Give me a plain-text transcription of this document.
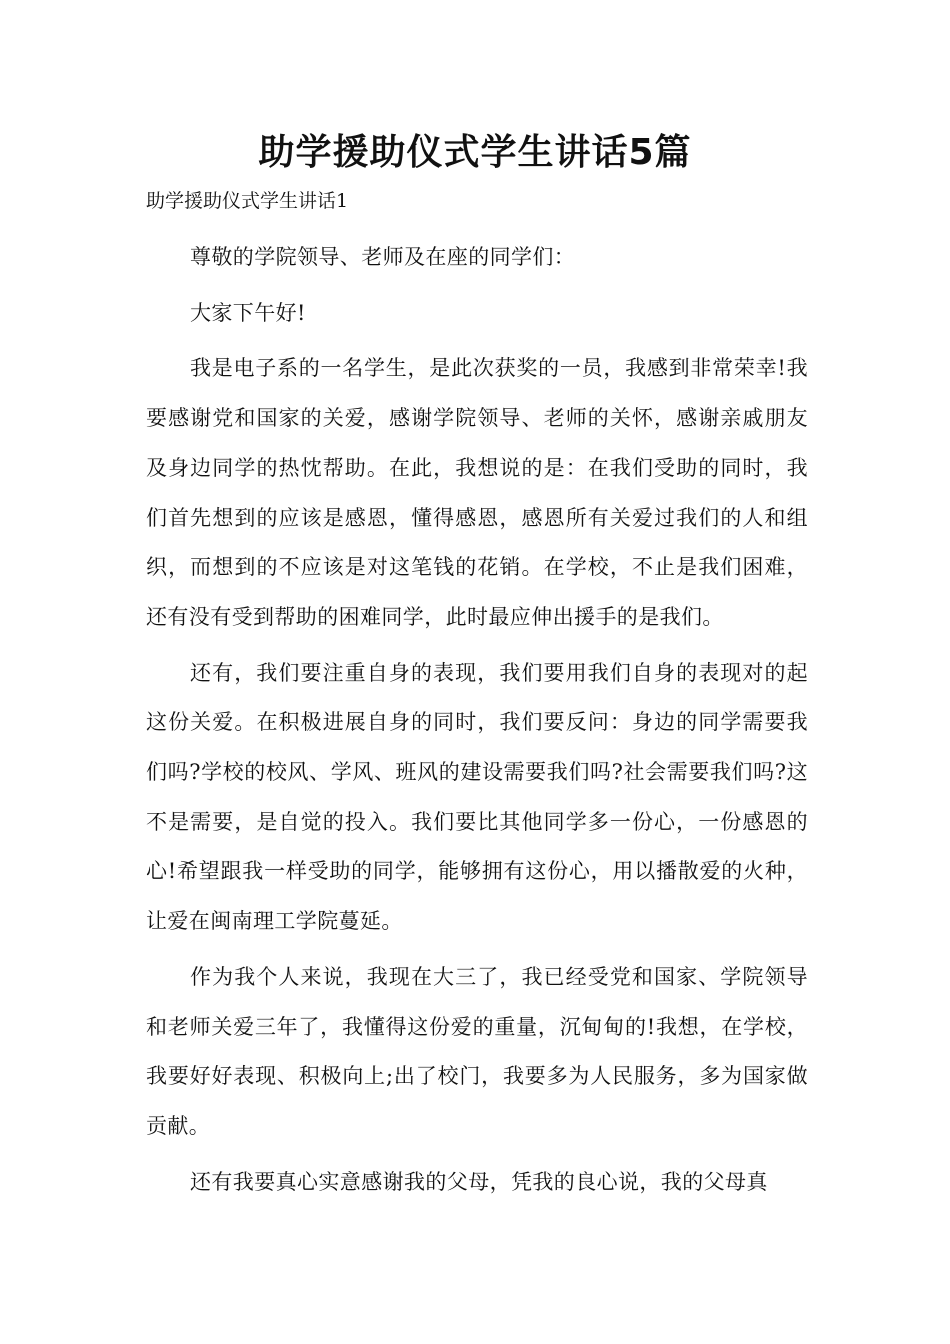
助学援助仪式学生讲话5篇

助学援助仪式学生讲话1

尊敬的学院领导、老师及在座的同学们：

大家下午好!

我是电子系的一名学生，是此次获奖的一员，我感到非常荣幸!我要感谢党和国家的关爱，感谢学院领导、老师的关怀，感谢亲戚朋友及身边同学的热忱帮助。在此，我想说的是：在我们受助的同时，我们首先想到的应该是感恩，懂得感恩，感恩所有关爱过我们的人和组织，而想到的不应该是对这笔钱的花销。在学校，不止是我们困难，还有没有受到帮助的困难同学，此时最应伸出援手的是我们。

还有，我们要注重自身的表现，我们要用我们自身的表现对的起这份关爱。在积极进展自身的同时，我们要反问：身边的同学需要我们吗?学校的校风、学风、班风的建设需要我们吗?社会需要我们吗?这不是需要，是自觉的投入。我们要比其他同学多一份心，一份感恩的心!希望跟我一样受助的同学，能够拥有这份心，用以播散爱的火种，让爱在闽南理工学院蔓延。

作为我个人来说，我现在大三了，我已经受党和国家、学院领导和老师关爱三年了，我懂得这份爱的重量，沉甸甸的!我想，在学校，我要好好表现、积极向上;出了校门，我要多为人民服务，多为国家做贡献。

还有我要真心实意感谢我的父母，凭我的良心说，我的父母真
